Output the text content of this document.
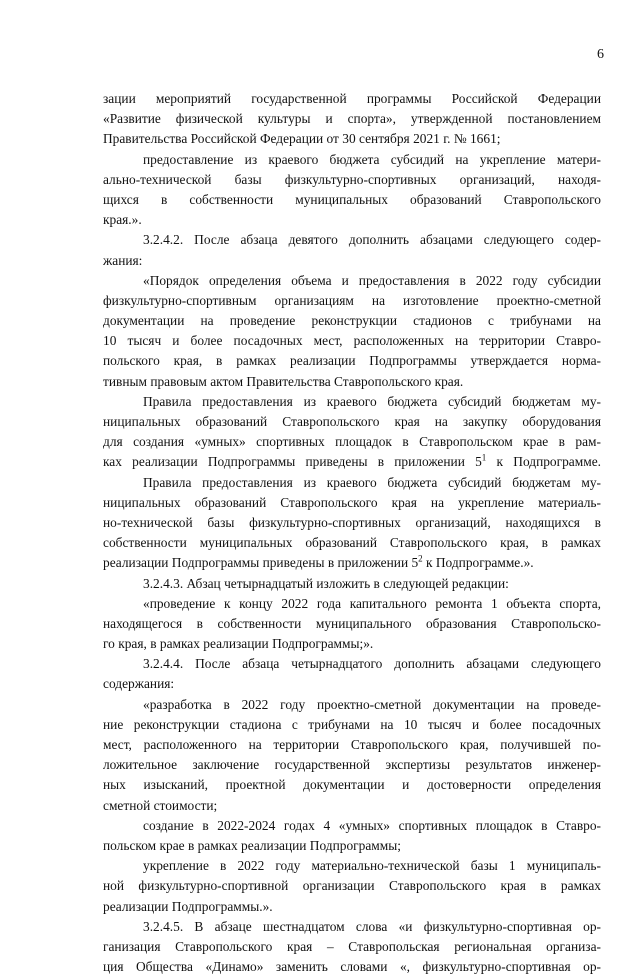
6
зации мероприятий государственной программы Российской Федерации
«Развитие физической культуры и спорта», утвержденной постановлением
Правительства Российской Федерации от 30 сентября 2021 г. № 1661;
предоставление из краевого бюджета субсидий на укрепление матери-
ально-технической базы физкультурно-спортивных организаций, находя-
щихся в собственности муниципальных образований Ставропольского
края.».
3.2.4.2. После абзаца девятого дополнить абзацами следующего содер-
жания:
«Порядок определения объема и предоставления в 2022 году субсидии
физкультурно-спортивным организациям на изготовление проектно-сметной
документации на проведение реконструкции стадионов с трибунами на
10 тысяч и более посадочных мест, расположенных на территории Ставро-
польского края, в рамках реализации Подпрограммы утверждается норма-
тивным правовым актом Правительства Ставропольского края.
Правила предоставления из краевого бюджета субсидий бюджетам му-
ниципальных образований Ставропольского края на закупку оборудования
для создания «умных» спортивных площадок в Ставропольском крае в рам-
ках реализации Подпрограммы приведены в приложении $5^1$ к Подпрограмме.
Правила предоставления из краевого бюджета субсидий бюджетам му-
ниципальных образований Ставропольского края на укрепление материаль-
но-технической базы физкультурно-спортивных организаций, находящихся в
собственности муниципальных образований Ставропольского края, в рамках
реализации Подпрограммы приведены в приложении $5^2$ к Подпрограмме.».
3.2.4.3. Абзац четырнадцатый изложить в следующей редакции:
«проведение к концу 2022 года капитального ремонта 1 объекта спорта,
находящегося в собственности муниципального образования Ставропольско-
го края, в рамках реализации Подпрограммы;».
3.2.4.4. После абзаца четырнадцатого дополнить абзацами следующего
содержания:
«разработка в 2022 году проектно-сметной документации на проведе-
ние реконструкции стадиона с трибунами на 10 тысяч и более посадочных
мест, расположенного на территории Ставропольского края, получившей по-
ложительное заключение государственной экспертизы результатов инженер-
ных изысканий, проектной документации и достоверности определения
сметной стоимости;
создание в 2022-2024 годах 4 «умных» спортивных площадок в Ставро-
польском крае в рамках реализации Подпрограммы;
укрепление в 2022 году материально-технической базы 1 муниципаль-
ной физкультурно-спортивной организации Ставропольского края в рамках
реализации Подпрограммы.».
3.2.4.5. В абзаце шестнадцатом слова «и физкультурно-спортивная ор-
ганизация Ставропольского края – Ставропольская региональная организа-
ция Общества «Динамо» заменить словами «, физкультурно-спортивная ор-
